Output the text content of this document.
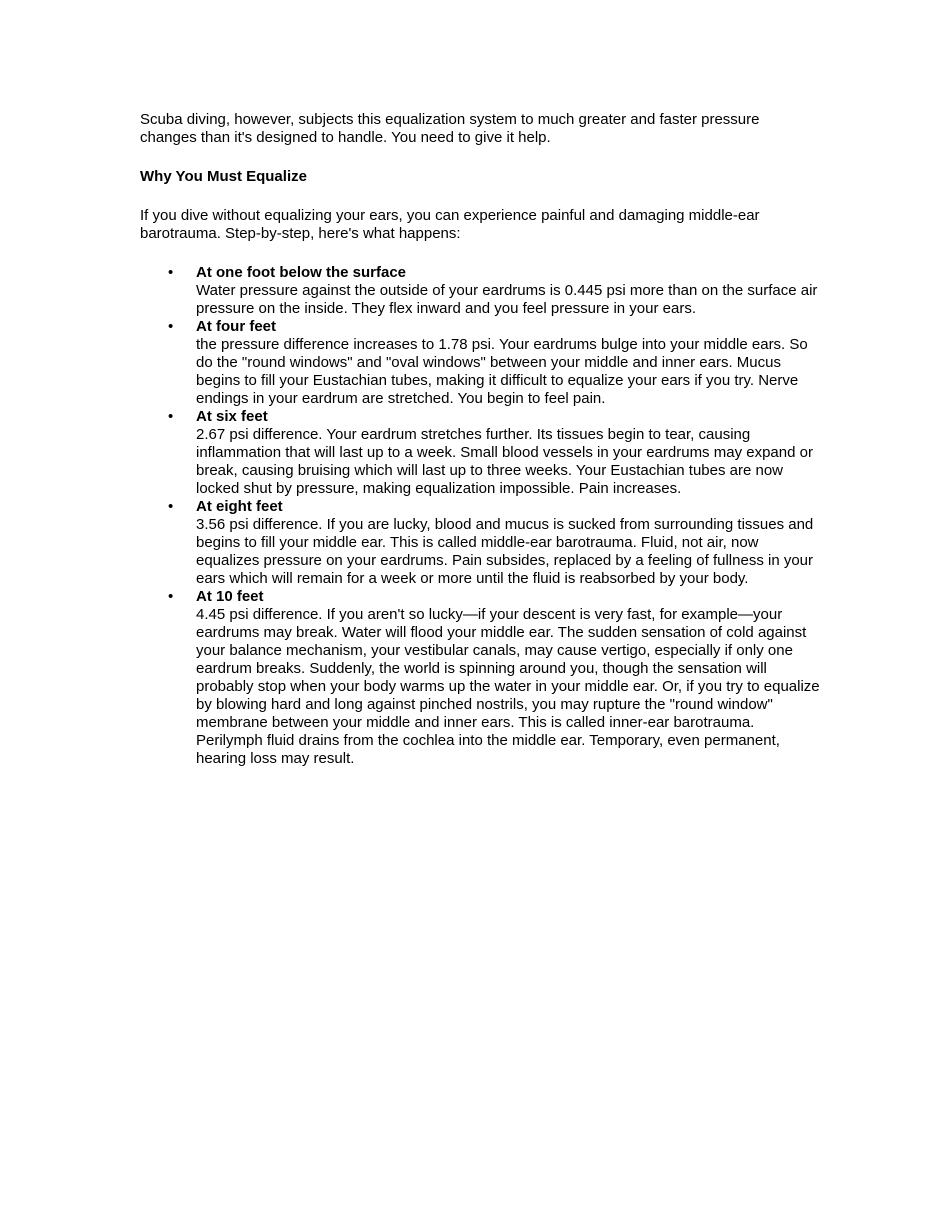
Scuba diving, however, subjects this equalization system to much greater and faster pressure changes than it's designed to handle. You need to give it help.

Why You Must Equalize

If you dive without equalizing your ears, you can experience painful and damaging middle-ear barotrauma. Step-by-step, here's what happens:

• At one foot below the surface
Water pressure against the outside of your eardrums is 0.445 psi more than on the surface air pressure on the inside. They flex inward and you feel pressure in your ears.
• At four feet
the pressure difference increases to 1.78 psi. Your eardrums bulge into your middle ears. So do the "round windows" and "oval windows" between your middle and inner ears. Mucus begins to fill your Eustachian tubes, making it difficult to equalize your ears if you try. Nerve endings in your eardrum are stretched. You begin to feel pain.
• At six feet
2.67 psi difference. Your eardrum stretches further. Its tissues begin to tear, causing inflammation that will last up to a week. Small blood vessels in your eardrums may expand or break, causing bruising which will last up to three weeks. Your Eustachian tubes are now locked shut by pressure, making equalization impossible. Pain increases.
• At eight feet
3.56 psi difference. If you are lucky, blood and mucus is sucked from surrounding tissues and begins to fill your middle ear. This is called middle-ear barotrauma. Fluid, not air, now equalizes pressure on your eardrums. Pain subsides, replaced by a feeling of fullness in your ears which will remain for a week or more until the fluid is reabsorbed by your body.
• At 10 feet
4.45 psi difference. If you aren't so lucky—if your descent is very fast, for example—your eardrums may break. Water will flood your middle ear. The sudden sensation of cold against your balance mechanism, your vestibular canals, may cause vertigo, especially if only one eardrum breaks. Suddenly, the world is spinning around you, though the sensation will probably stop when your body warms up the water in your middle ear. Or, if you try to equalize by blowing hard and long against pinched nostrils, you may rupture the "round window" membrane between your middle and inner ears. This is called inner-ear barotrauma. Perilymph fluid drains from the cochlea into the middle ear. Temporary, even permanent, hearing loss may result.
